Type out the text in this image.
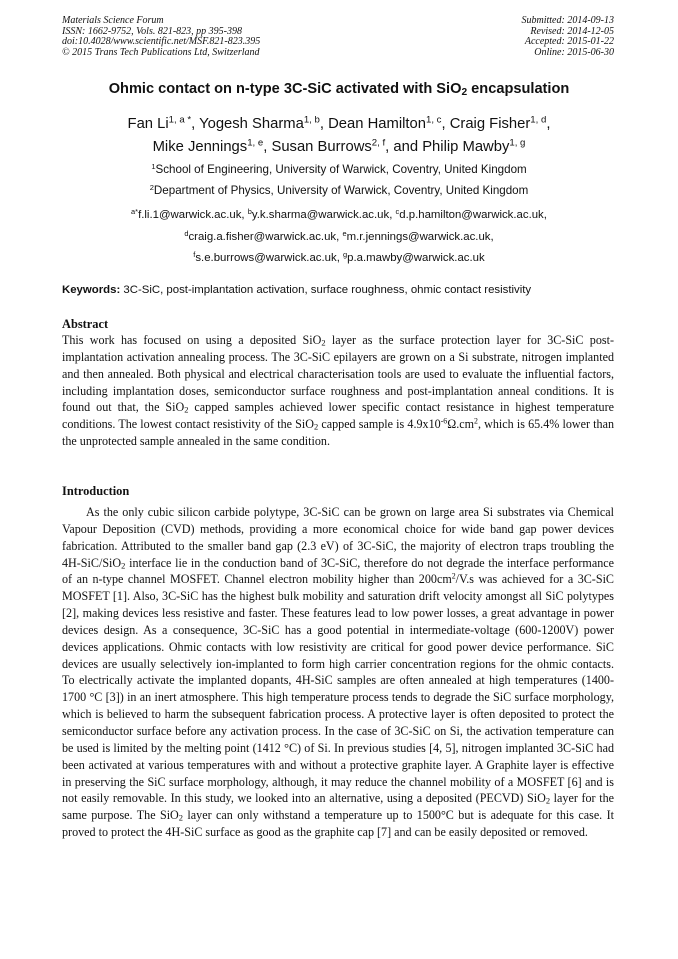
Materials Science Forum
ISSN: 1662-9752, Vols. 821-823, pp 395-398
doi:10.4028/www.scientific.net/MSF.821-823.395
© 2015 Trans Tech Publications Ltd, Switzerland
Submitted: 2014-09-13
Revised: 2014-12-05
Accepted: 2015-01-22
Online: 2015-06-30
Ohmic contact on n-type 3C-SiC activated with SiO$_2$ encapsulation
Fan $Li^{1, a *}$, Yogesh Sharma$^{1, b}$, Dean Hamilton$^{1, c}$, Craig Fisher$^{1, d}$,
Mike Jennings$^{1, e}$, Susan Burrows$^{2, f}$, and Philip Mawby$^{1, g}$
$^1$School of Engineering, University of Warwick, Coventry, United Kingdom
$^2$Department of Physics, University of Warwick, Coventry, United Kingdom
$^{a*}$f.li.1@warwick.ac.uk, $^b$y.k.sharma@warwick.ac.uk, $^c$d.p.hamilton@warwick.ac.uk,
$^d$craig.a.fisher@warwick.ac.uk, $^e$m.r.jennings@warwick.ac.uk,
$^f$s.e.burrows@warwick.ac.uk, $^g$p.a.mawby@warwick.ac.uk
Keywords: 3C-SiC, post-implantation activation, surface roughness, ohmic contact resistivity
Abstract
This work has focused on using a deposited SiO$_2$ layer as the surface protection layer for 3C-SiC post-implantation activation annealing process. The 3C-SiC epilayers are grown on a Si substrate, nitrogen implanted and then annealed. Both physical and electrical characterisation tools are used to evaluate the influential factors, including implantation doses, semiconductor surface roughness and post-implantation anneal conditions. It is found out that, the SiO$_2$ capped samples achieved lower specific contact resistance in highest temperature conditions. The lowest contact resistivity of the SiO$_2$ capped sample is $4.9x10^{-6}\Omega.cm^2$, which is 65.4% lower than the unprotected sample annealed in the same condition.
Introduction
As the only cubic silicon carbide polytype, 3C-SiC can be grown on large area Si substrates via Chemical Vapour Deposition (CVD) methods, providing a more economical choice for wide band gap power devices fabrication. Attributed to the smaller band gap (2.3 eV) of 3C-SiC, the majority of electron traps troubling the 4H-SiC/SiO$_2$ interface lie in the conduction band of 3C-SiC, therefore do not degrade the interface performance of an n-type channel MOSFET. Channel electron mobility higher than $200cm^2/V.s$ was achieved for a 3C-SiC MOSFET [1]. Also, 3C-SiC has the highest bulk mobility and saturation drift velocity amongst all SiC polytypes [2], making devices less resistive and faster. These features lead to low power losses, a great advantage in power devices design. As a consequence, 3C-SiC has a good potential in intermediate-voltage (600-1200V) power devices applications. Ohmic contacts with low resistivity are critical for good power device performance. SiC devices are usually selectively ion-implanted to form high carrier concentration regions for the ohmic contacts. To electrically activate the implanted dopants, 4H-SiC samples are often annealed at high temperatures (1400-1700 °C [3]) in an inert atmosphere. This high temperature process tends to degrade the SiC surface morphology, which is believed to harm the subsequent fabrication process. A protective layer is often deposited to protect the semiconductor surface before any activation process. In the case of 3C-SiC on Si, the activation temperature can be used is limited by the melting point (1412 °C) of Si. In previous studies [4, 5], nitrogen implanted 3C-SiC had been activated at various temperatures with and without a protective graphite layer. A Graphite layer is effective in preserving the SiC surface morphology, although, it may reduce the channel mobility of a MOSFET [6] and is not easily removable. In this study, we looked into an alternative, using a deposited (PECVD) SiO$_2$ layer for the same purpose. The SiO$_2$ layer can only withstand a temperature up to 1500°C but is adequate for this case. It proved to protect the 4H-SiC surface as good as the graphite cap [7] and can be easily deposited or removed.
